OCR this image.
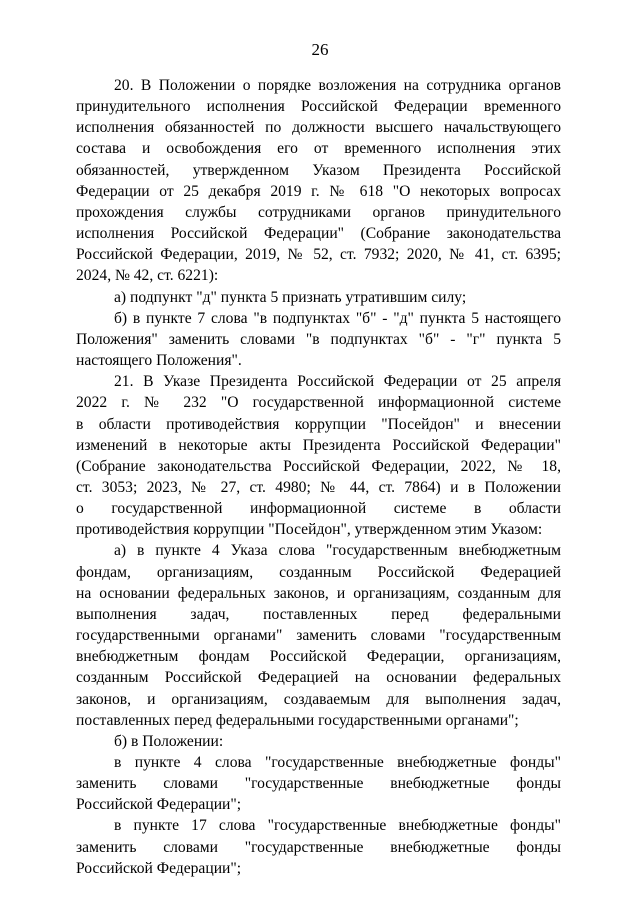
26
20. В Положении о порядке возложения на сотрудника органов
принудительного исполнения Российской Федерации временного
исполнения обязанностей по должности высшего начальствующего
состава и освобождения его от временного исполнения этих
обязанностей, утвержденном Указом Президента Российской
Федерации от 25 декабря 2019 г. № 618 "О некоторых вопросах
прохождения службы сотрудниками органов принудительного
исполнения Российской Федерации" (Собрание законодательства
Российской Федерации, 2019, № 52, ст. 7932; 2020, № 41, ст. 6395;
2024, № 42, ст. 6221):
а) подпункт "д" пункта 5 признать утратившим силу;
б) в пункте 7 слова "в подпунктах "б" - "д" пункта 5 настоящего
Положения" заменить словами "в подпунктах "б" - "г" пункта 5
настоящего Положения".
21. В Указе Президента Российской Федерации от 25 апреля
2022 г. № 232 "О государственной информационной системе
в области противодействия коррупции "Посейдон" и внесении
изменений в некоторые акты Президента Российской Федерации"
(Собрание законодательства Российской Федерации, 2022, № 18,
ст. 3053; 2023, № 27, ст. 4980; № 44, ст. 7864) и в Положении
о государственной информационной системе в области
противодействия коррупции "Посейдон", утвержденном этим Указом:
а) в пункте 4 Указа слова "государственным внебюджетным
фондам, организациям, созданным Российской Федерацией
на основании федеральных законов, и организациям, созданным для
выполнения задач, поставленных перед федеральными
государственными органами" заменить словами "государственным
внебюджетным фондам Российской Федерации, организациям,
созданным Российской Федерацией на основании федеральных
законов, и организациям, создаваемым для выполнения задач,
поставленных перед федеральными государственными органами";
б) в Положении:
в пункте 4 слова "государственные внебюджетные фонды"
заменить словами "государственные внебюджетные фонды
Российской Федерации";
в пункте 17 слова "государственные внебюджетные фонды"
заменить словами "государственные внебюджетные фонды
Российской Федерации";
